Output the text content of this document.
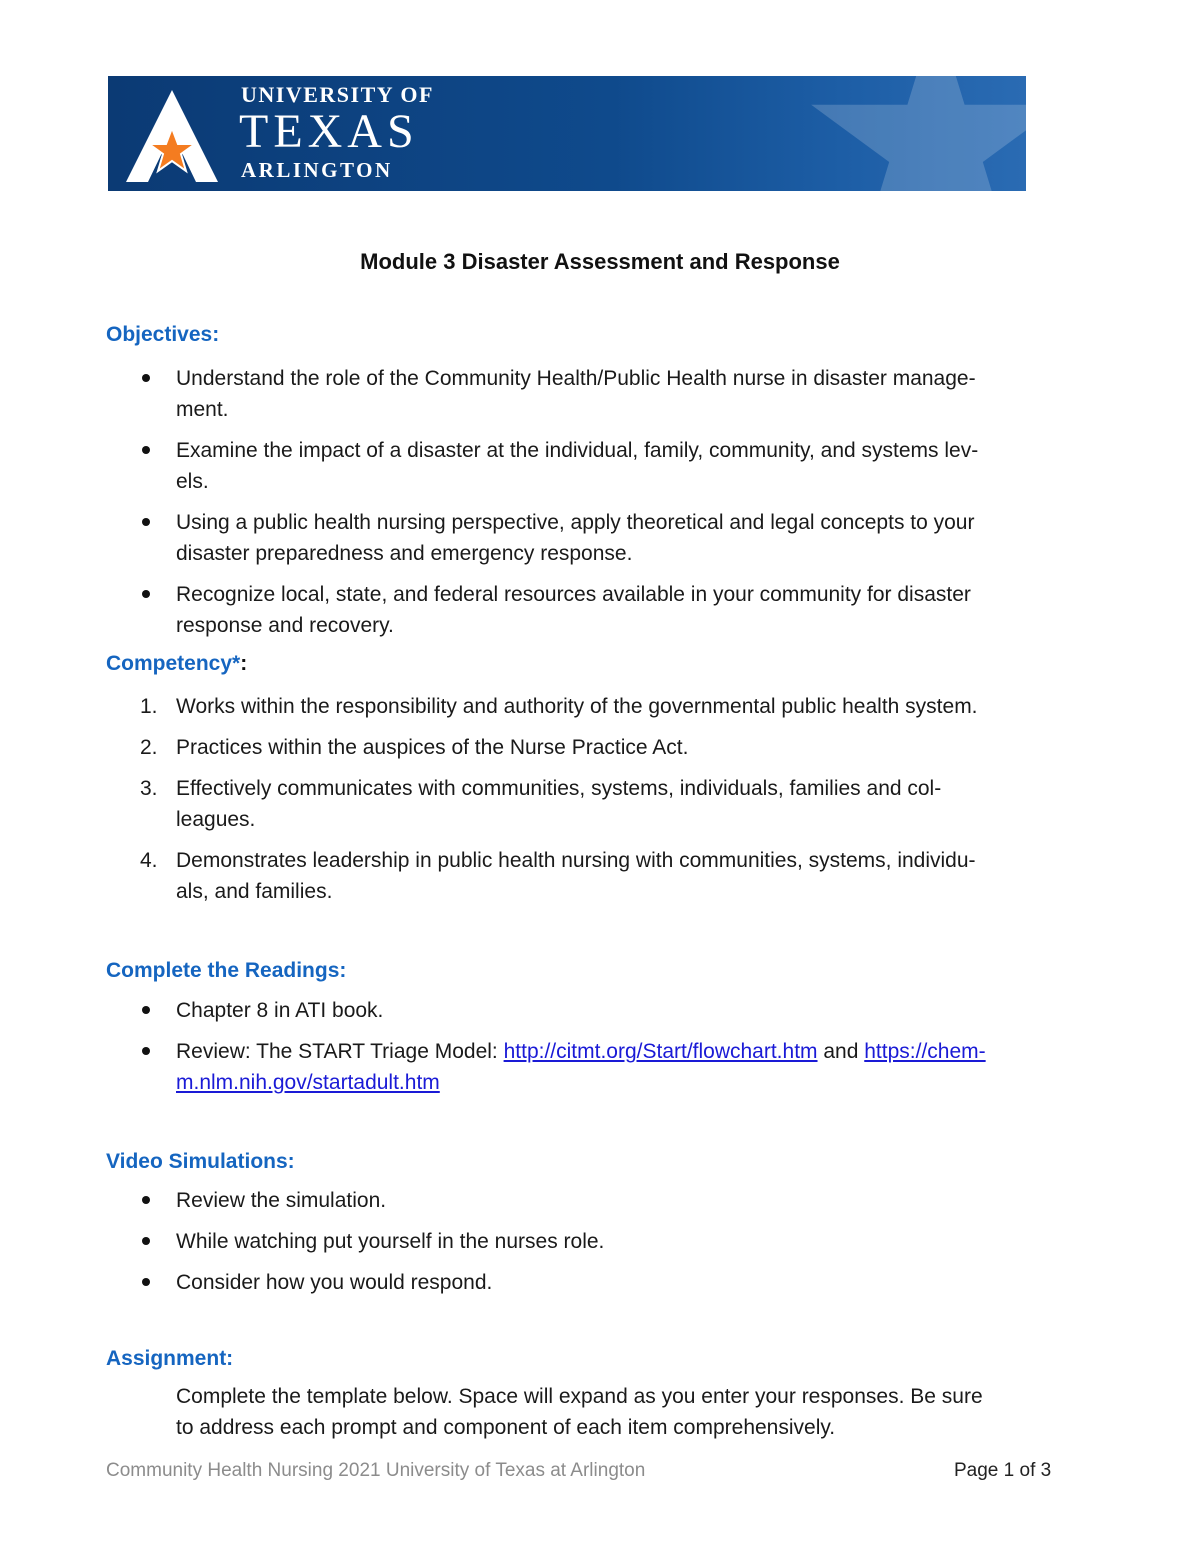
UNIVERSITY OF
TEXAS
ARLINGTON
Module 3 Disaster Assessment and Response
Objectives:
Understand the role of the Community Health/Public Health nurse in disaster manage-
ment.
Examine the impact of a disaster at the individual, family, community, and systems lev-
els.
Using a public health nursing perspective, apply theoretical and legal concepts to your
disaster preparedness and emergency response.
Recognize local, state, and federal resources available in your community for disaster
response and recovery.
Competency*:
1. Works within the responsibility and authority of the governmental public health system.
2. Practices within the auspices of the Nurse Practice Act.
3. Effectively communicates with communities, systems, individuals, families and col-
leagues.
4. Demonstrates leadership in public health nursing with communities, systems, individu-
als, and families.
Complete the Readings:
Chapter 8 in ATI book.
Review: The START Triage Model: http://citmt.org/Start/flowchart.htm and https://chem-
m.nlm.nih.gov/startadult.htm
Video Simulations:
Review the simulation.
While watching put yourself in the nurses role.
Consider how you would respond.
Assignment:
Complete the template below. Space will expand as you enter your responses. Be sure
to address each prompt and component of each item comprehensively.
Community Health Nursing 2021 University of Texas at Arlington	Page 1 of 3
